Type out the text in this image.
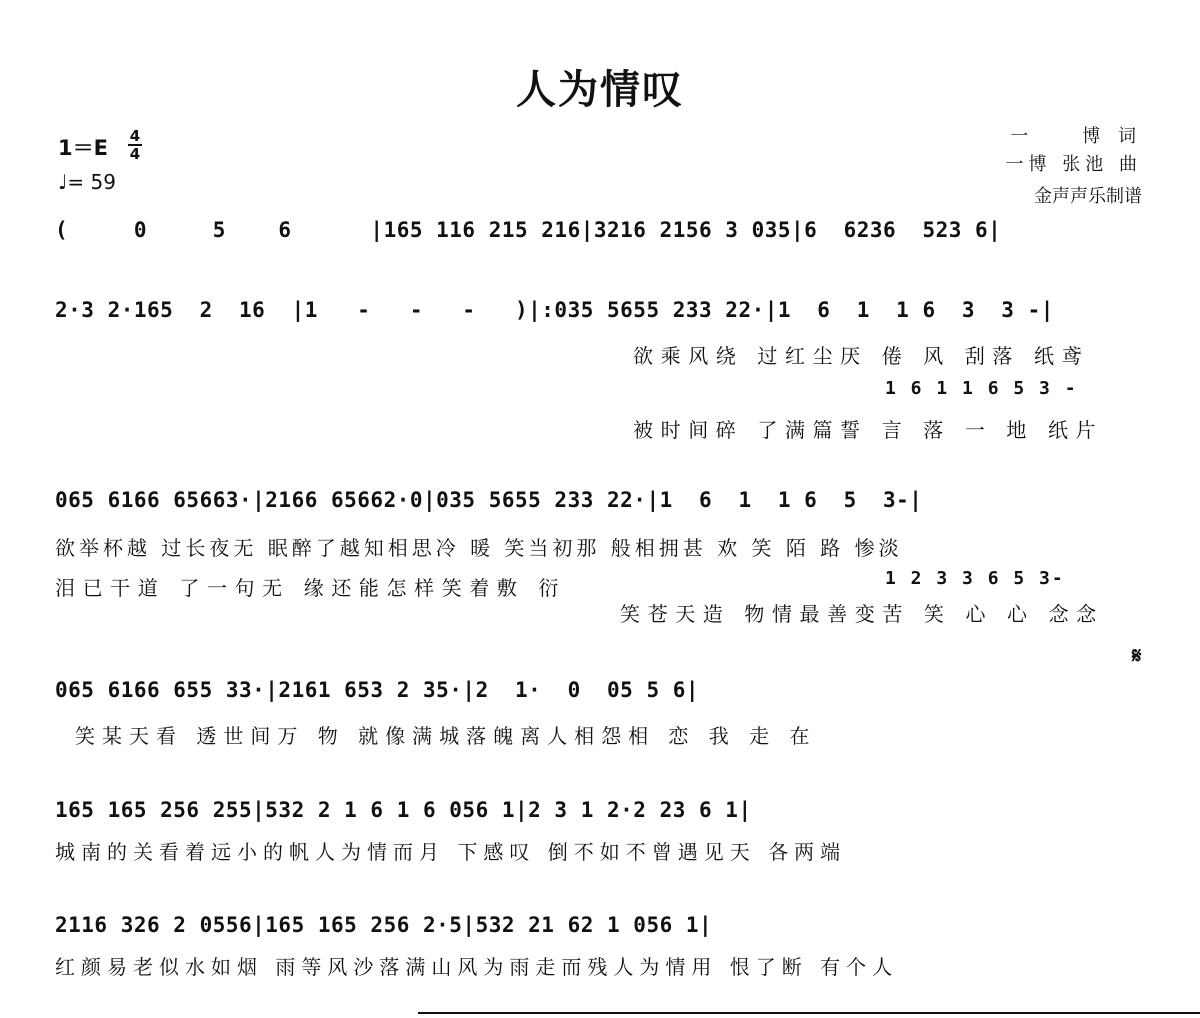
人为情叹
1＝E 4
4
♩= 59
一　　博 词
一博 张池 曲
金声声乐制谱
(     0     5    6      |165 116 215 216|3216 2156 3 035|6  6236  523 6|
2·3 2·165  2  16  |1   -   -   -   )|:035 5655 233 22·|1  6  1  1 6  3  3 -|
欲乘风绕 过红尘厌 倦 风 刮落 纸鸢
1 6 1 1 6 5 3 -
被时间碎 了满篇誓 言 落 一 地 纸片
065 6166 65663·|2166 65662·0|035 5655 233 22·|1  6  1  1 6  5  3-|
欲举杯越 过长夜无 眠醉了越知相思冷 暖 笑当初那 般相拥甚 欢 笑 陌 路 惨淡
泪已干道 了一句无 缘还能怎样笑着敷 衍	1 2 3 3 6 5 3-
笑苍天造 物情最善变苦 笑 心 心 念念
𝄋
065 6166 655 33·|2161 653 2 35·|2  1·  0  05 5 6|
笑某天看 透世间万 物 就像满城落魄离人相怨相 恋 我 走 在
165 165 256 255|532 2 1 6 1 6 056 1|2 3 1 2·2 23 6 1|
城南的关看着远小的帆人为情而月 下感叹 倒不如不曾遇见天 各两端
2116 326 2 0556|165 165 256 2·5|532 21 62 1 056 1|
红颜易老似水如烟 雨等风沙落满山风为雨走而残人为情用 恨了断 有个人
